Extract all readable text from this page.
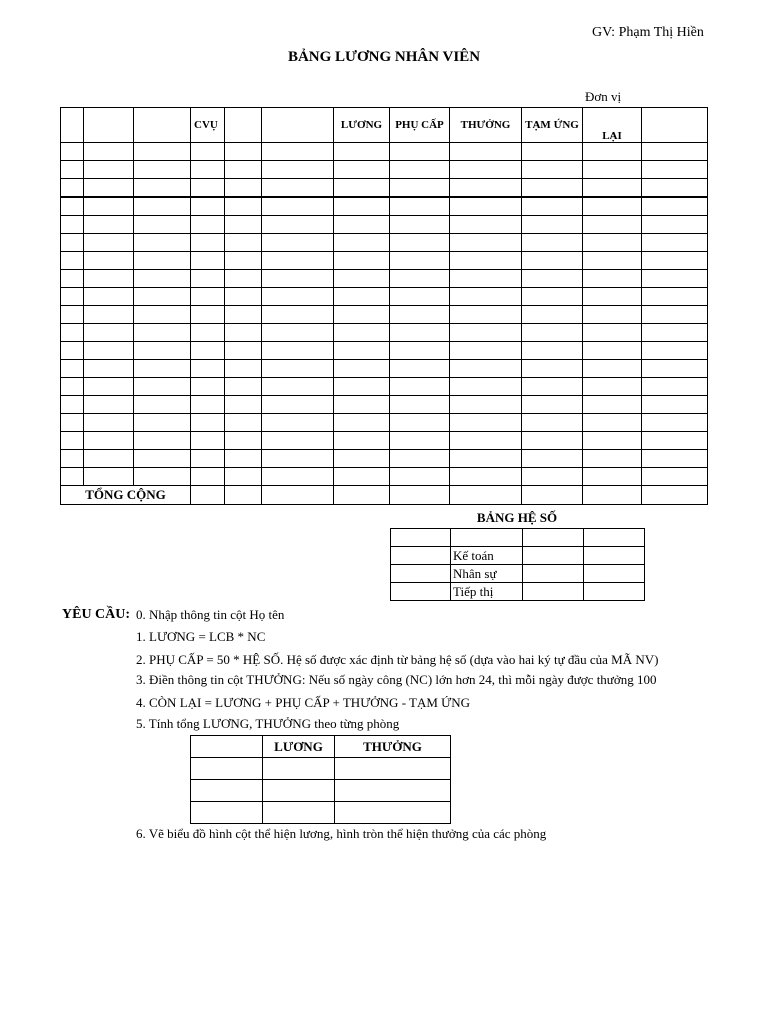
GV: Phạm Thị Hiền
BẢNG LƯƠNG NHÂN VIÊN
Đơn vị
			CVỤ			LƯƠNG	PHỤ CẤP	THƯỞNG	TẠM ỨNG	LẠI	

TỔNG CỘNG											
BẢNG HỆ SỐ

	Kế toán		
	Nhân sự		
	Tiếp thị		
YÊU CẦU: 0. Nhập thông tin cột Họ tên
1. LƯƠNG = LCB * NC
2. PHỤ CẤP = 50 * HỆ SỐ. Hệ số được xác định từ bảng hệ số (dựa vào hai ký tự đầu của MÃ NV)
3. Điền thông tin cột THƯỞNG: Nếu số ngày công (NC) lớn hơn 24, thì mỗi ngày được thưởng 100
4. CÒN LẠI = LƯƠNG + PHỤ CẤP + THƯỞNG - TẠM ỨNG
5. Tính tổng LƯƠNG, THƯỞNG theo từng phòng
	LƯƠNG	THƯỞNG

6. Vẽ biểu đồ hình cột thể hiện lương, hình tròn thể hiện thưởng của các phòng
